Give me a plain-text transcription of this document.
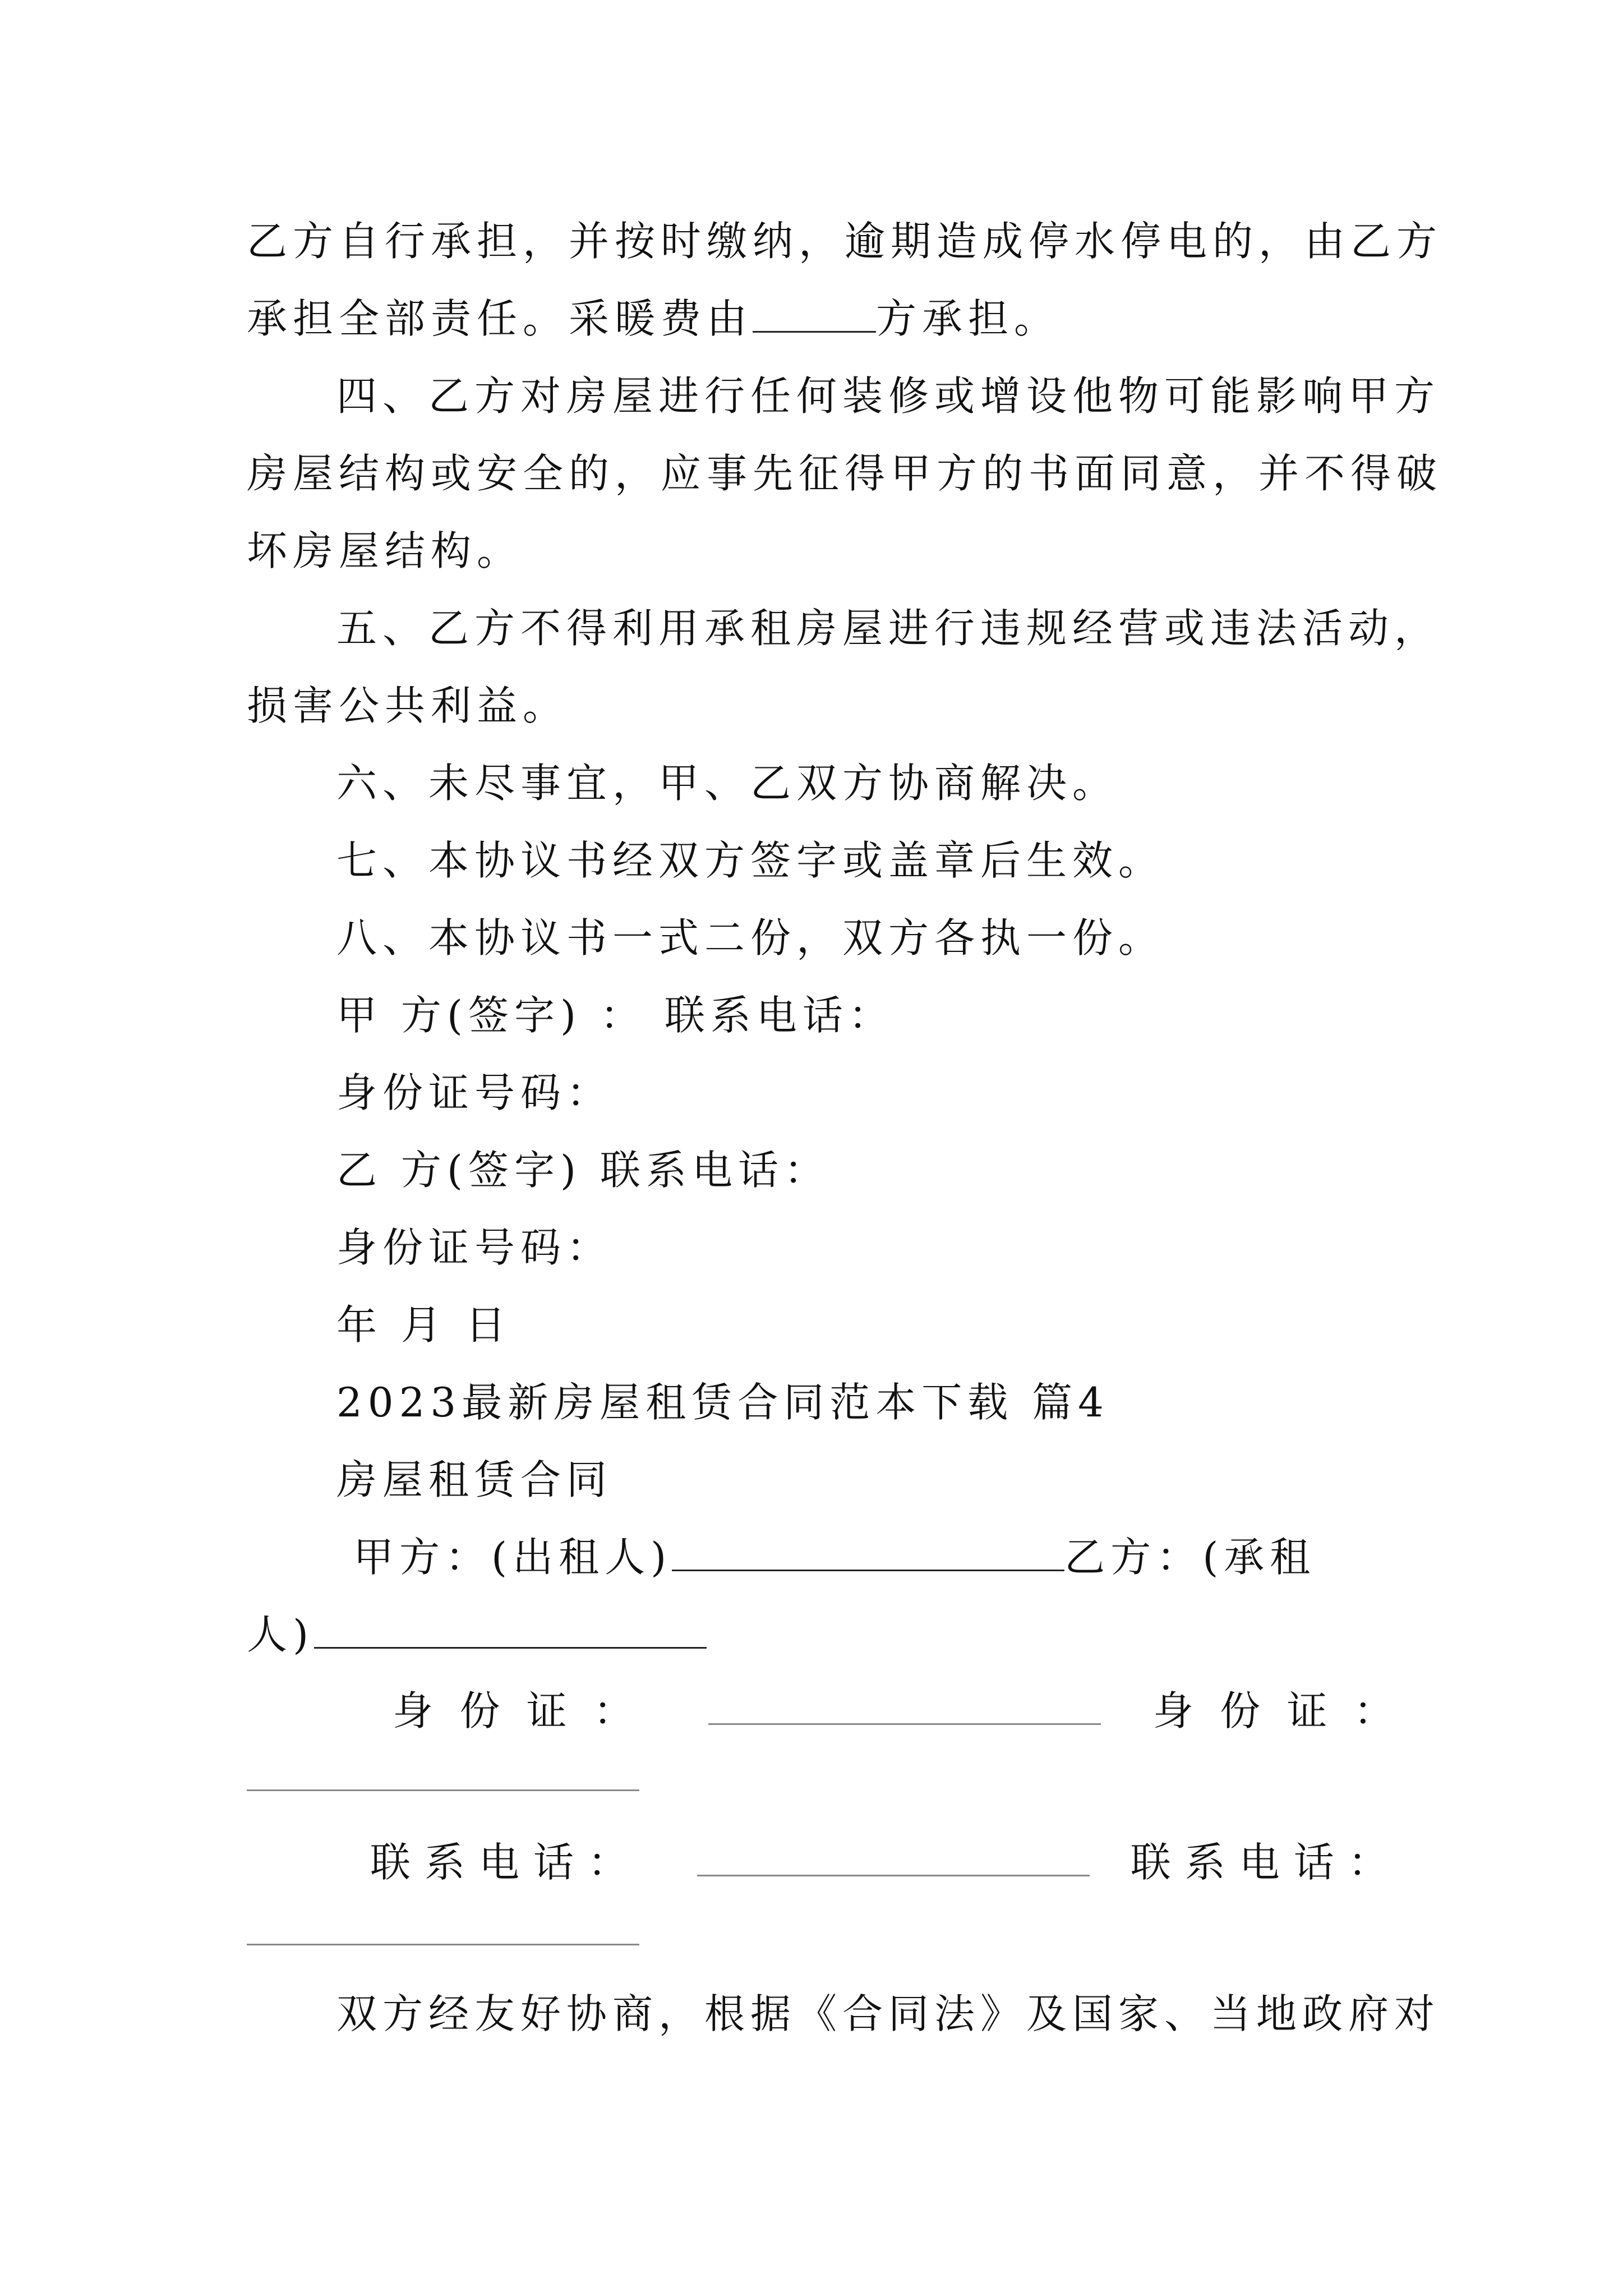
乙方自行承担，并按时缴纳，逾期造成停水停电的，由乙方
承担全部责任。采暖费由	方承担。
四、乙方对房屋进行任何装修或增设他物可能影响甲方
房屋结构或安全的，应事先征得甲方的书面同意，并不得破
坏房屋结构。
五、乙方不得利用承租房屋进行违规经营或违法活动，
损害公共利益。
六、未尽事宜，甲、乙双方协商解决。
七、本协议书经双方签字或盖章后生效。
八、本协议书一式二份，双方各执一份。
甲 方(签字) ： 联系电话：
身份证号码：
乙 方(签字) 联系电话：
身份证号码：
年 月 日
2023最新房屋租赁合同范本下载 篇4
房屋租赁合同
甲方：(出租人)	乙方：(承租
人)
身 份 证 ：
	身 份 证 ：
联 系 电 话 ：
	联 系 电 话 ：
双方经友好协商，根据《合同法》及国家、当地政府对
